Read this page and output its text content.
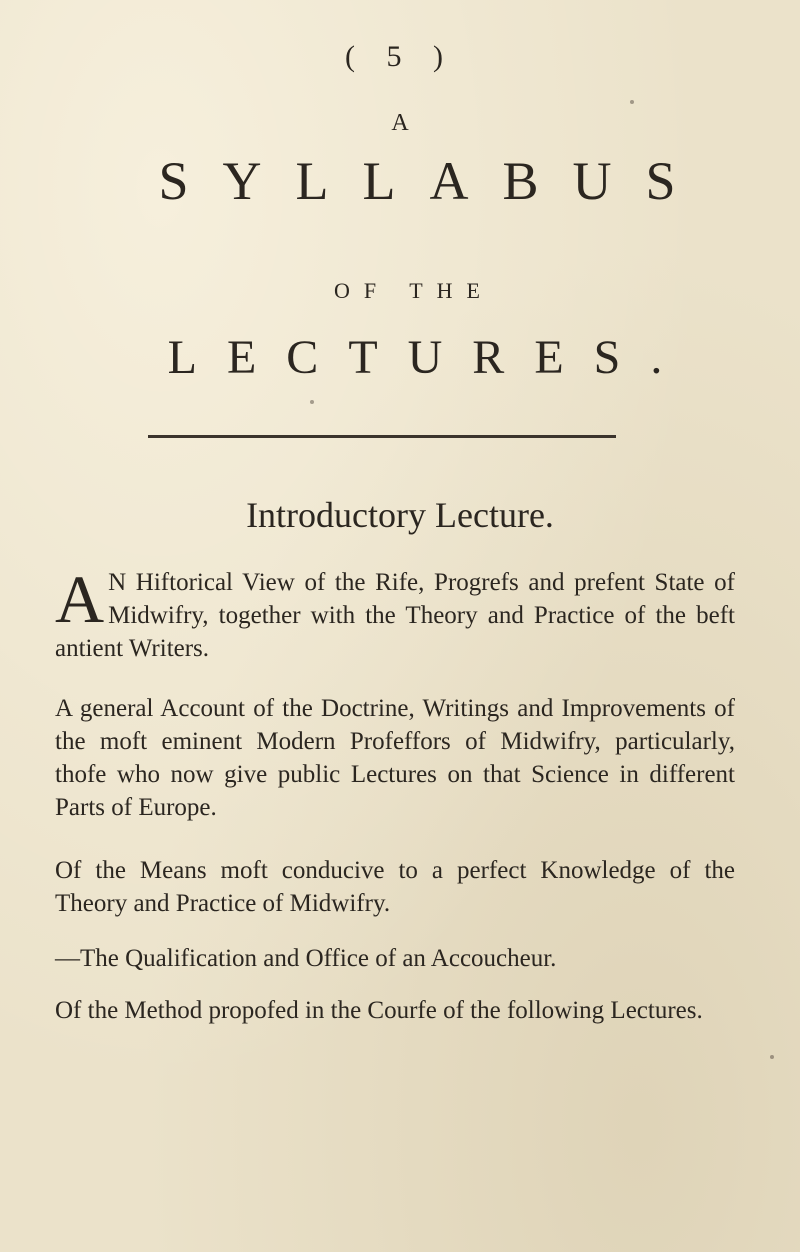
( 5 )
A
SYLLABUS
OF THE
LECTURES.
Introductory Lecture.
A N Hiftorical View of the Rife, Progrefs and prefent State of Midwifry, together with the Theory and Practice of the beft antient Writers.
A general Account of the Doctrine, Writings and Improvements of the moft eminent Modern Profeffors of Midwifry, particularly, thofe who now give public Lectures on that Science in different Parts of Europe.
Of the Means moft conducive to a perfect Knowledge of the Theory and Practice of Midwifry.
—The Qualification and Office of an Accoucheur.
Of the Method propofed in the Courfe of the following Lectures.
